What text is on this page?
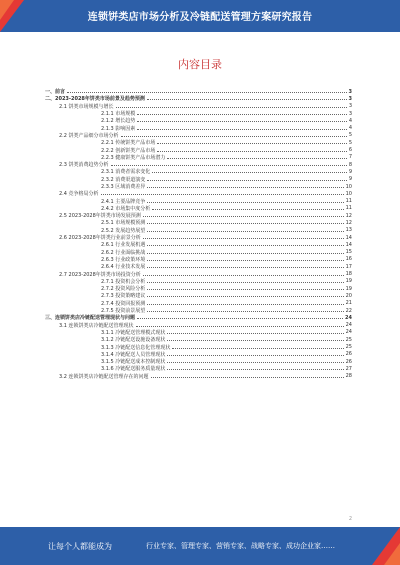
连锁饼类店市场分析及冷链配送管理方案研究报告
内容目录
一、前言	3
二、2023-2028年饼类市场前景及趋势预测	3
2.1 饼类市场规模与增长	3
2.1.1 市场规模	3
2.1.2 增长趋势	4
2.1.3 影响因素	4
2.2 饼类产品细分市场分析	5
2.2.1 传统饼类产品市场	5
2.2.2 创新饼类产品市场	6
2.2.3 健康饼类产品市场潜力	7
2.3 饼类消费趋势分析	8
2.3.1 消费者需求变化	9
2.3.2 消费渠道演变	9
2.3.3 区域消费差异	10
2.4 竞争格局分析	10
2.4.1 主要品牌竞争	11
2.4.2 市场集中度分析	11
2.5 2023-2028年饼类市场发展预测	12
2.5.1 市场规模预测	12
2.5.2 发展趋势展望	13
2.6 2023-2028年饼类行业前景分析	14
2.6.1 行业发展机遇	14
2.6.2 行业面临挑战	15
2.6.3 行业政策环境	16
2.6.4 行业技术发展	17
2.7 2023-2028年饼类市场投资分析	18
2.7.1 投资机会分析	19
2.7.2 投资风险分析	19
2.7.3 投资策略建议	20
2.7.4 投资回报预测	21
2.7.5 投资前景展望	22
三、连锁饼类店冷链配送管理现状与问题	24
3.1 连锁饼类店冷链配送管理现状	24
3.1.1 冷链配送管理模式现状	24
3.1.2 冷链配送设施设备现状	25
3.1.3 冷链配送信息化管理现状	25
3.1.4 冷链配送人员管理现状	26
3.1.5 冷链配送成本控制现状	26
3.1.6 冷链配送服务质量现状	27
3.2 连锁饼类店冷链配送管理存在的问题	28
2
让每个人都能成为	行业专家、管理专家、营销专家、战略专家、成功企业家……
